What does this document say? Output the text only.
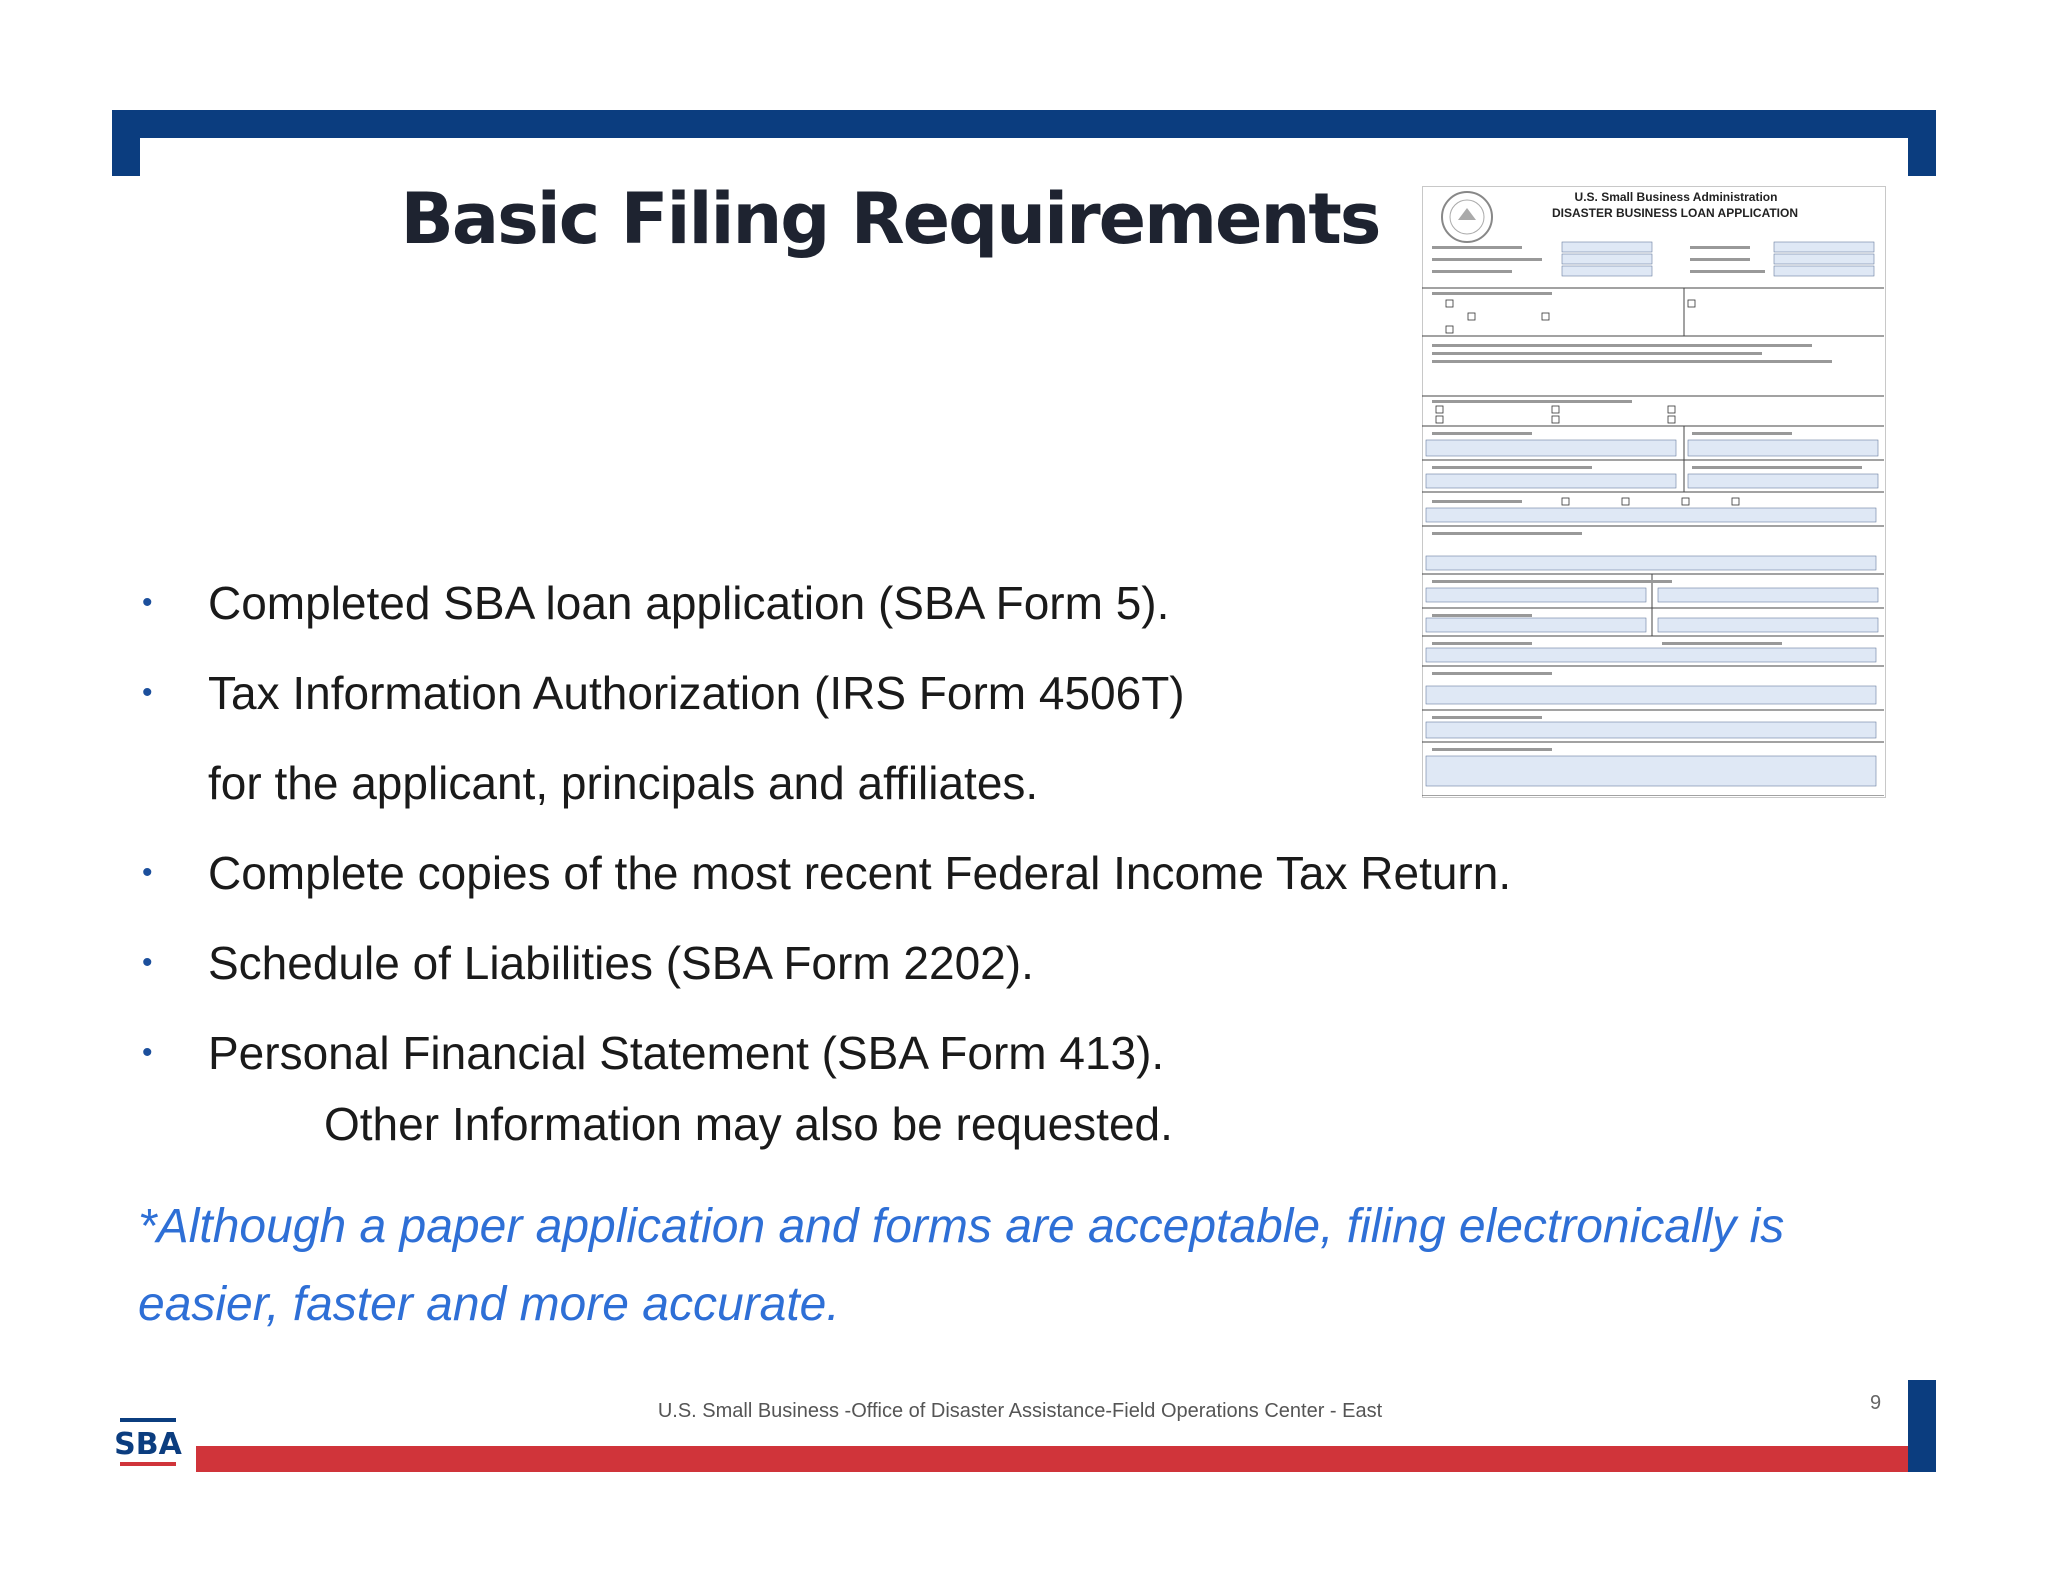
Basic Filing Requirements	U.S. Small Business Administration
DISASTER BUSINESS LOAN APPLICATION
• Completed SBA loan application (SBA Form 5).
• Tax Information Authorization (IRS Form 4506T)
• Complete copies of the most recent Federal Income Tax Return.
• Schedule of Liabilities (SBA Form 2202).
• Personal Financial Statement (SBA Form 413).
for the applicant, principals and affiliates.
Other Information may also be requested.
*Although a paper application and forms are acceptable, filing electronically is easier, faster and more accurate.
U.S. Small Business -Office of Disaster Assistance-Field Operations Center - East	9
SBA
